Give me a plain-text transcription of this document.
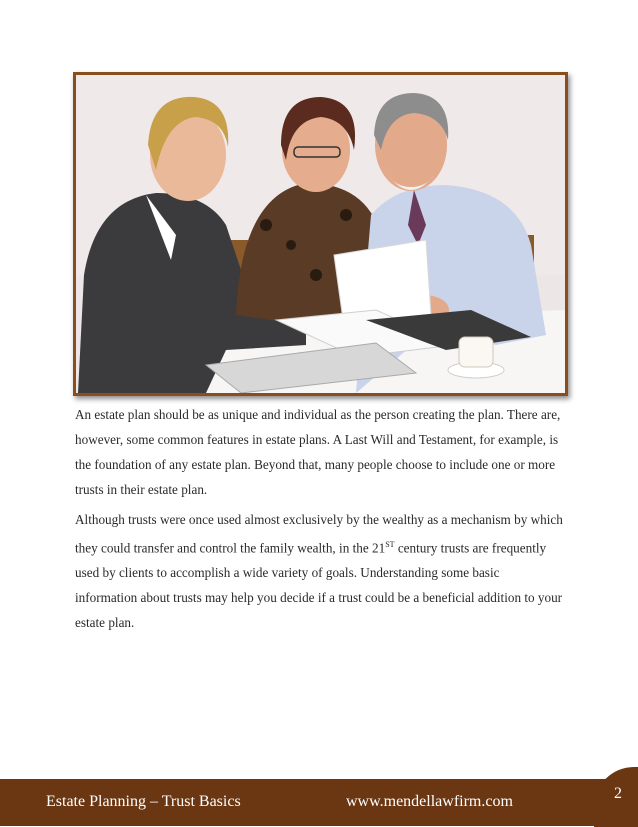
An estate plan should be as unique and individual as the person creating the plan. There are, however, some common features in estate plans. A Last Will and Testament, for example, is the foundation of any estate plan. Beyond that, many people choose to include one or more trusts in their estate plan.

Although trusts were once used almost exclusively by the wealthy as a mechanism by which they could transfer and control the family wealth, in the 21ST century trusts are frequently used by clients to accomplish a wide variety of goals. Understanding some basic information about trusts may help you decide if a trust could be a beneficial addition to your estate plan.

Estate Planning – Trust Basics	www.mendellawfirm.com	2
